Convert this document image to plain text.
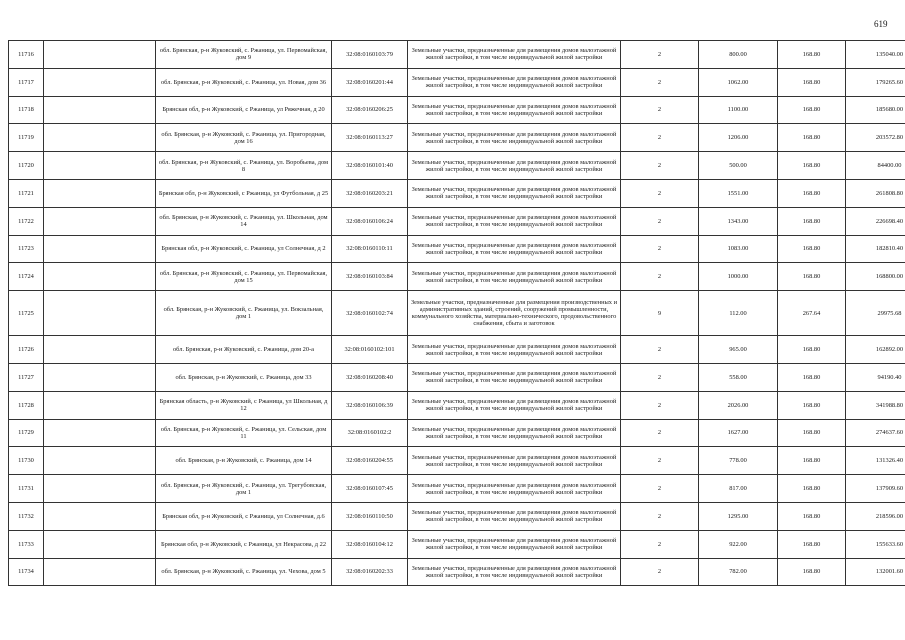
619
11716		обл. Брянская, р-н Жуковский, с. Ржаница, ул. Первомайская, дом 9	32:08:0160103:79	Земельные участки, предназначенные для размещения домов малоэтажной жилой застройки, в том числе индивидуальной жилой застройки	2	800.00	168.80	135040.00
11717		обл. Брянская, р-н Жуковский, с. Ржаница, ул. Новая, дом 36	32:08:0160201:44	Земельные участки, предназначенные для размещения домов малоэтажной жилой застройки, в том числе индивидуальной жилой застройки	2	1062.00	168.80	179265.60
11718		Брянская обл, р-н Жуковский, с Ржаница, ул Ряжечная, д 20	32:08:0160206:25	Земельные участки, предназначенные для размещения домов малоэтажной жилой застройки, в том числе индивидуальной жилой застройки	2	1100.00	168.80	185680.00
11719		обл. Брянская, р-н Жуковский, с. Ржаница, ул. Пригородная, дом 16	32:08:0160113:27	Земельные участки, предназначенные для размещения домов малоэтажной жилой застройки, в том числе индивидуальной жилой застройки	2	1206.00	168.80	203572.80
11720		обл. Брянская, р-н Жуковский, с. Ржаница, ул. Воробьева, дом 8	32:08:0160101:40	Земельные участки, предназначенные для размещения домов малоэтажной жилой застройки, в том числе индивидуальной жилой застройки	2	500.00	168.80	84400.00
11721		Брянская обл, р-н Жуковский, с Ржаница, ул Футбольная, д 25	32:08:0160203:21	Земельные участки, предназначенные для размещения домов малоэтажной жилой застройки, в том числе индивидуальной жилой застройки	2	1551.00	168.80	261808.80
11722		обл. Брянская, р-н Жуковский, с. Ржаница, ул. Школьная, дом 14	32:08:0160106:24	Земельные участки, предназначенные для размещения домов малоэтажной жилой застройки, в том числе индивидуальной жилой застройки	2	1343.00	168.80	226698.40
11723		Брянская обл, р-н Жуковский, с. Ржаница, ул Солнечная, д 2	32:08:0160110:11	Земельные участки, предназначенные для размещения домов малоэтажной жилой застройки, в том числе индивидуальной жилой застройки	2	1083.00	168.80	182810.40
11724		обл. Брянская, р-н Жуковский, с. Ржаница, ул. Первомайская, дом 15	32:08:0160103:84	Земельные участки, предназначенные для размещения домов малоэтажной жилой застройки, в том числе индивидуальной жилой застройки	2	1000.00	168.80	168800.00
11725		обл. Брянская, р-н Жуковский, с. Ржаница, ул. Вокзальная, дом 1	32:08:0160102:74	Земельные участки, предназначенные для размещения производственных и административных зданий, строений, сооружений промышленности, коммунального хозяйства, материально-технического, продовольственного снабжения, сбыта и заготовок	9	112.00	267.64	29975.68
11726		обл. Брянская, р-н Жуковский, с. Ржаница, дом 20-а	32:08:0160102:101	Земельные участки, предназначенные для размещения домов малоэтажной жилой застройки, в том числе индивидуальной жилой застройки	2	965.00	168.80	162892.00
11727		обл. Брянская, р-н Жуковский, с. Ржаница, дом 33	32:08:0160208:40	Земельные участки, предназначенные для размещения домов малоэтажной жилой застройки, в том числе индивидуальной жилой застройки	2	558.00	168.80	94190.40
11728		Брянская область, р-н Жуковский, с Ржаница, ул Школьная, д 12	32:08:0160106:39	Земельные участки, предназначенные для размещения домов малоэтажной жилой застройки, в том числе индивидуальной жилой застройки	2	2026.00	168.80	341988.80
11729		обл. Брянская, р-н Жуковский, с. Ржаница, ул. Сельская, дом 11	32:08:0160102:2	Земельные участки, предназначенные для размещения домов малоэтажной жилой застройки, в том числе индивидуальной жилой застройки	2	1627.00	168.80	274637.60
11730		обл. Брянская, р-н Жуковский, с. Ржаница, дом 14	32:08:0160204:55	Земельные участки, предназначенные для размещения домов малоэтажной жилой застройки, в том числе индивидуальной жилой застройки	2	778.00	168.80	131326.40
11731		обл. Брянская, р-н Жуковский, с. Ржаница, ул. Трегубовская, дом 1	32:08:0160107:45	Земельные участки, предназначенные для размещения домов малоэтажной жилой застройки, в том числе индивидуальной жилой застройки	2	817.00	168.80	137909.60
11732		Брянская обл, р-н Жуковский, с Ржаница, ул Солнечная, д.6	32:08:0160110:50	Земельные участки, предназначенные для размещения домов малоэтажной жилой застройки, в том числе индивидуальной жилой застройки	2	1295.00	168.80	218596.00
11733		Брянская обл, р-н Жуковский, с Ржаница, ул Некрасова, д 22	32:08:0160104:12	Земельные участки, предназначенные для размещения домов малоэтажной жилой застройки, в том числе индивидуальной жилой застройки	2	922.00	168.80	155633.60
11734		обл. Брянская, р-н Жуковский, с. Ржаница, ул. Чехова, дом 5	32:08:0160202:33	Земельные участки, предназначенные для размещения домов малоэтажной жилой застройки, в том числе индивидуальной жилой застройки	2	782.00	168.80	132001.60
